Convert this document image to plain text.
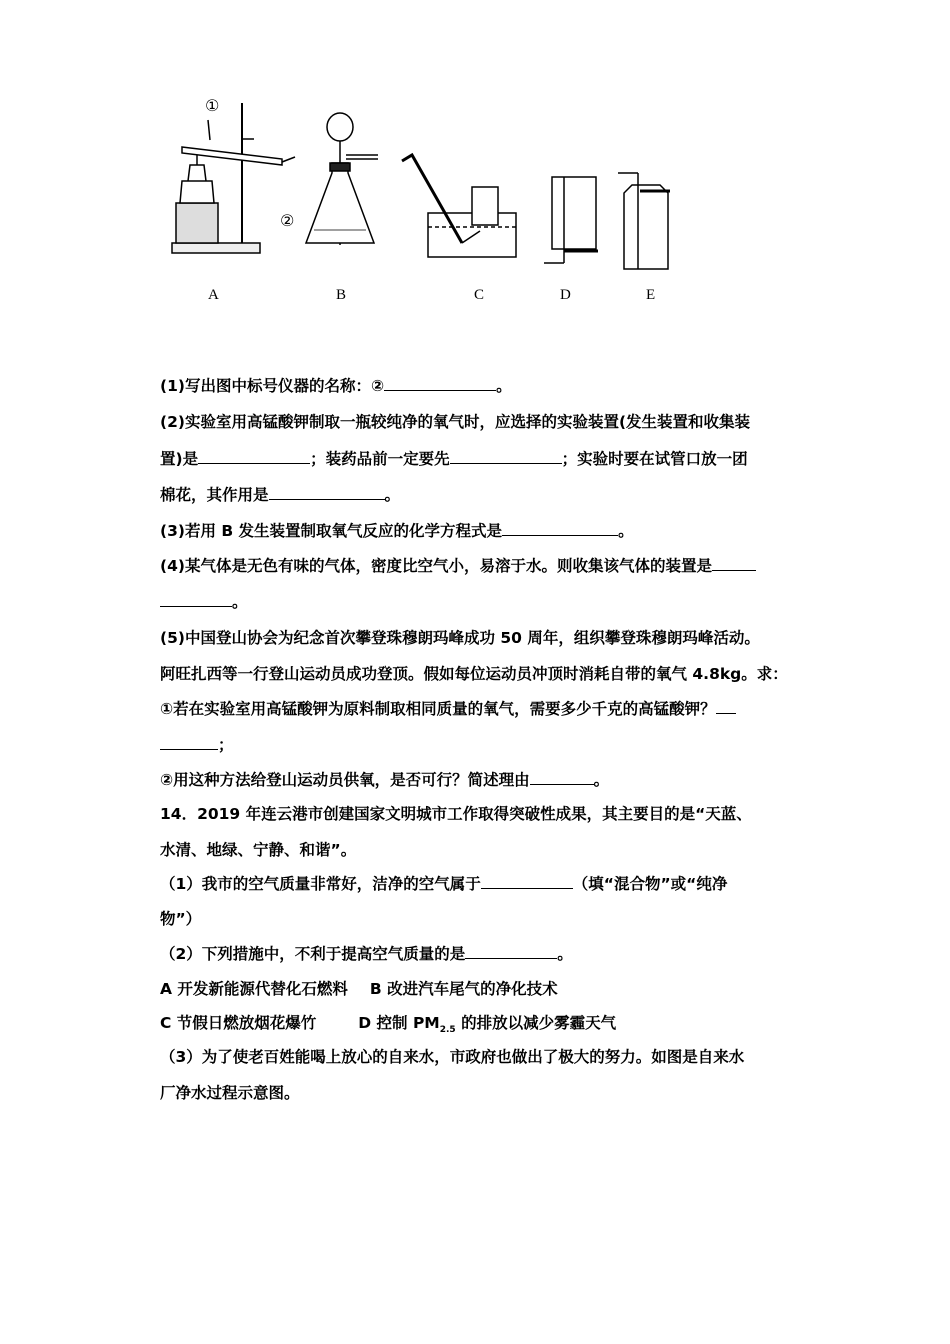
①
②
A	B	C	D	E
(1)写出图中标号仪器的名称：②	。
(2)实验室用高锰酸钾制取一瓶较纯净的氧气时，应选择的实验装置(发生装置和收集装
置)是	；装药品前一定要先	；实验时要在试管口放一团
棉花，其作用是	。
(3)若用 B 发生装置制取氧气反应的化学方程式是	。
(4)某气体是无色有味的气体，密度比空气小，易溶于水。则收集该气体的装置是
。
(5)中国登山协会为纪念首次攀登珠穆朗玛峰成功 50 周年，组织攀登珠穆朗玛峰活动。
阿旺扎西等一行登山运动员成功登顶。假如每位运动员冲顶时消耗自带的氧气 4.8kg。求：
①若在实验室用高锰酸钾为原料制取相同质量的氧气，需要多少千克的高锰酸钾？
；
②用这种方法给登山运动员供氧，是否可行？简述理由	。
14．2019 年连云港市创建国家文明城市工作取得突破性成果，其主要目的是“天蓝、
水清、地绿、宁静、和谐”。
（1）我市的空气质量非常好，洁净的空气属于	（填“混合物”或“纯净
物”）
（2）下列措施中，不利于提高空气质量的是	。
A 开发新能源代替化石燃料 B 改进汽车尾气的净化技术
C 节假日燃放烟花爆竹	D 控制 $PM_{2.5}$ 的排放以减少雾霾天气
（3）为了使老百姓能喝上放心的自来水，市政府也做出了极大的努力。如图是自来水
厂净水过程示意图。
